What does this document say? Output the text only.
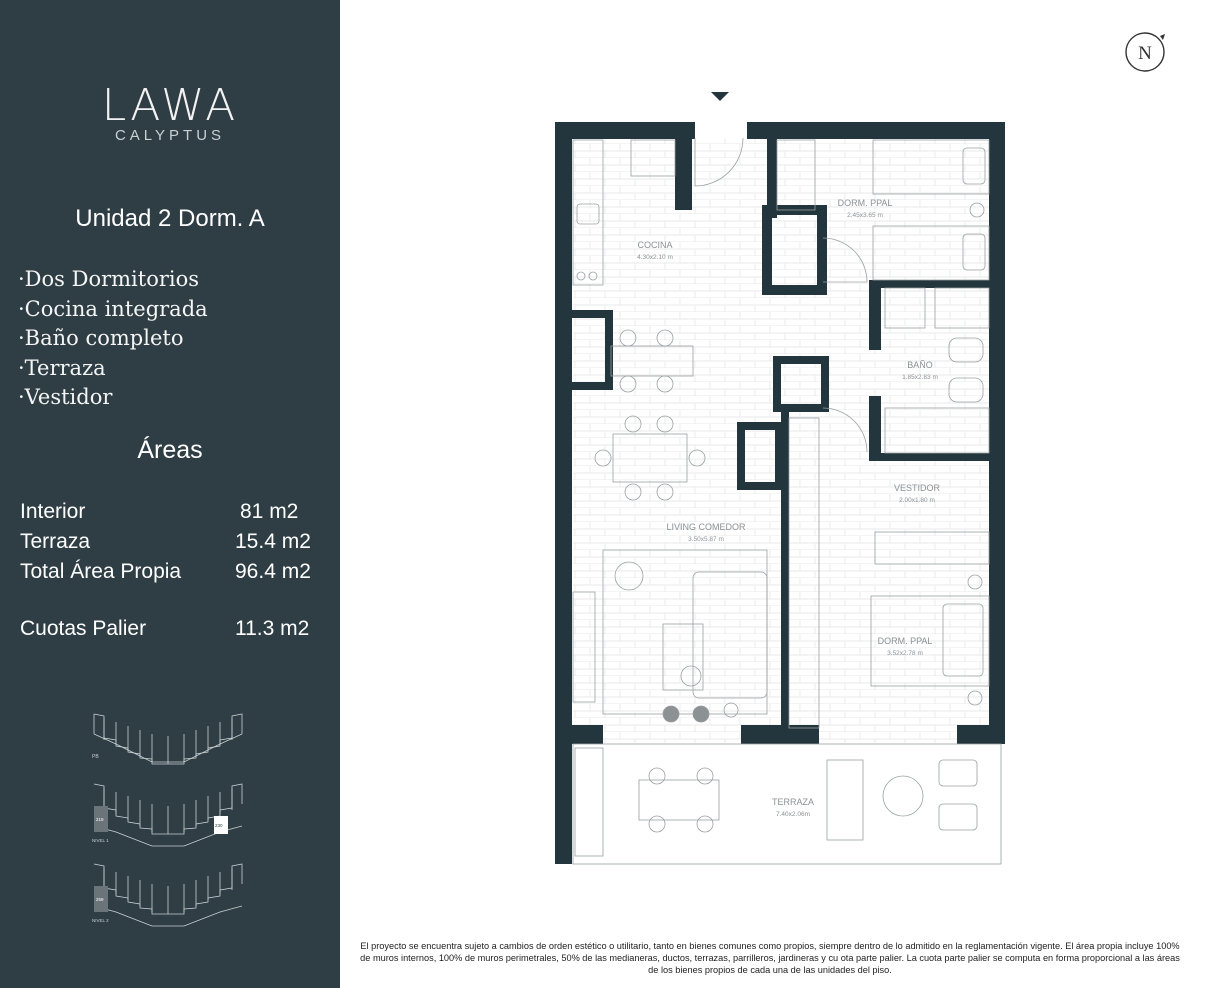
LAWA
CALYPTUS
Unidad 2 Dorm. A
·Dos Dormitorios
·Cocina integrada
·Baño completo
·Terraza
·Vestidor
Áreas
Interior	81 m2
Terraza	15.4 m2
Total Área Propia	96.4 m2
Cuotas Palier	11.3 m2
PB
219
230
NIVEL 1
259
NIVEL 2
N
COCINA
4.30x2.10 m
DORM. PPAL
2.45x3.65 m
BAÑO
1.85x2.83 m
VESTIDOR
2.00x1.80 m
LIVING COMEDOR
3.50x5.87 m
DORM. PPAL
3.52x2.78 m
TERRAZA
7.40x2.06m
El proyecto se encuentra sujeto a cambios de orden estético o utilitario, tanto en bienes comunes como propios, siempre dentro de lo admitido en la reglamentación vigente. El área propia incluye 100% de muros internos, 100% de muros perimetrales, 50% de las medianeras, ductos, terrazas, parrilleros, jardineras y cu ota parte palier. La cuota parte palier se computa en forma proporcional a las áreas de los bienes propios de cada una de las unidades del piso.
